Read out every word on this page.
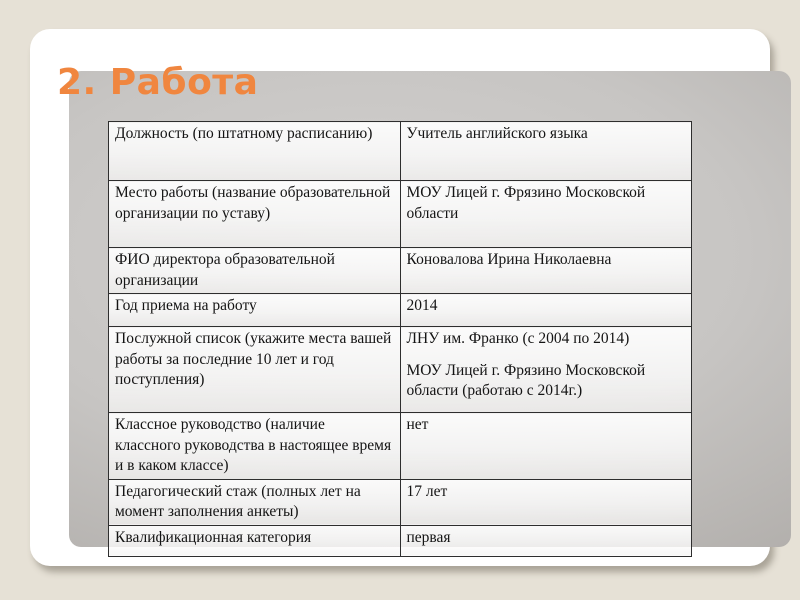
2. Работа

Должность (по штатному расписанию)	Учитель английского языка

Место работы (название образовательной организации по уставу)	МОУ Лицей г. Фрязино Московской области

ФИО директора образовательной организации	Коновалова Ирина Николаевна

Год приема на работу	2014

Послужной список (укажите места вашей работы за последние 10 лет и год поступления)	ЛНУ им. Франко (с 2004 по 2014)

МОУ Лицей г. Фрязино Московской области (работаю с 2014г.)

Классное руководство (наличие классного руководства в настоящее время и в каком классе)	нет

Педагогический стаж (полных лет на момент заполнения анкеты)	17 лет

Квалификационная категория	первая
